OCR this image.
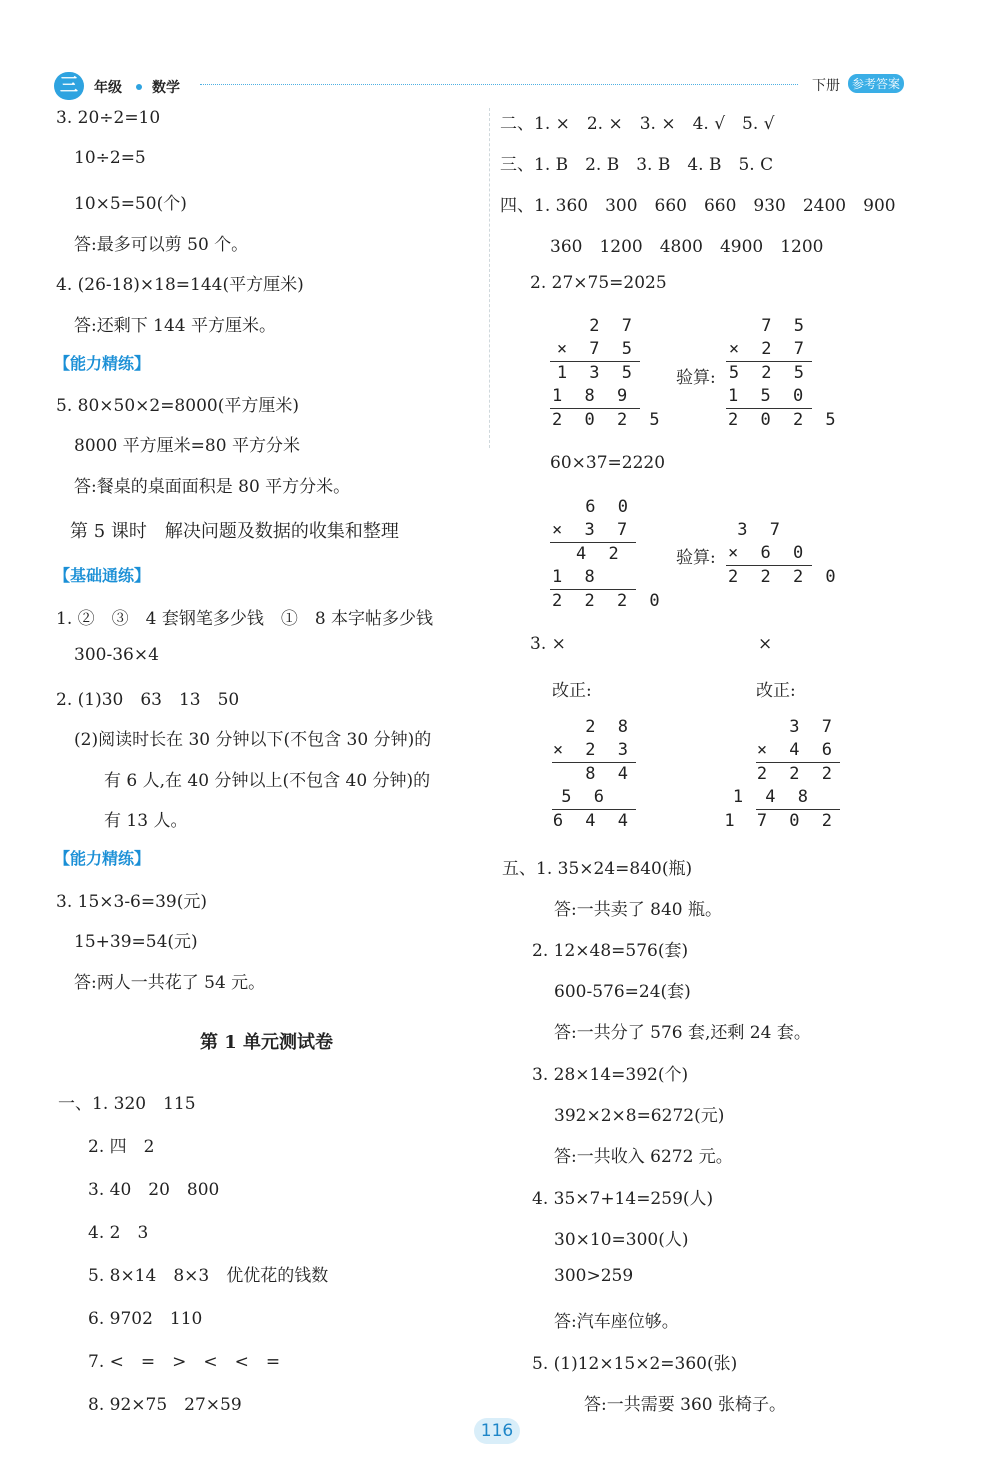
三

	年级

数学

	下册

	参考答案

3. 20÷2=10
10÷2=5
10×5=50(个)
答:最多可以剪 50 个。
4. (26-18)×18=144(平方厘米)
答:还剩下 144 平方厘米。
【能力精练】
5. 80×50×2=8000(平方厘米)
8000 平方厘米=80 平方分米
答:餐桌的桌面面积是 80 平方分米。
第 5 课时　解决问题及数据的收集和整理
【基础通练】
1. ②　③　4 套钢笔多少钱　①　8 本字帖多少钱
300-36×4
2. (1)30　63　13　50
(2)阅读时长在 30 分钟以下(不包含 30 分钟)的
有 6 人,在 40 分钟以上(不包含 40 分钟)的
有 13 人。
【能力精练】
3. 15×3-6=39(元)
15+39=54(元)
答:两人一共花了 54 元。
第 1 单元测试卷
一、1. 320　115
2. 四　2
3. 40　20　800
4. 2　3
5. 8×14　8×3　优优花的钱数
6. 9702　110
7. <　=　>　<　<　=
8. 92×75　27×59
二、1. ×　2. ×　3. ×　4. √　5. √
三、1. B　2. B　3. B　4. B　5. C
四、1. 360　300　660　660　930　2400　900
360　1200　4800　4900　1200
2. 27×75=2025

2 7

× 7 5

1 3 5

1 8 9

2 0 2 5

验算:

7 5

× 2 7

5 2 5

1 5 0

2 0 2 5

60×37=2220

6 0

× 3 7

4 2

1 8

2 2 2 0

验算:

3 7

× 6 0

2 2 2 0

3. ×	×
改正:	改正:

2 8

× 2 3

8 4

5 6

6 4 4

3 7

× 4 6

2 2 2

1 4 8

1 7 0 2

五、1. 35×24=840(瓶)
答:一共卖了 840 瓶。
2. 12×48=576(套)
600-576=24(套)
答:一共分了 576 套,还剩 24 套。
3. 28×14=392(个)
392×2×8=6272(元)
答:一共收入 6272 元。
4. 35×7+14=259(人)
30×10=300(人)
300>259
答:汽车座位够。
5. (1)12×15×2=360(张)
答:一共需要 360 张椅子。
116
